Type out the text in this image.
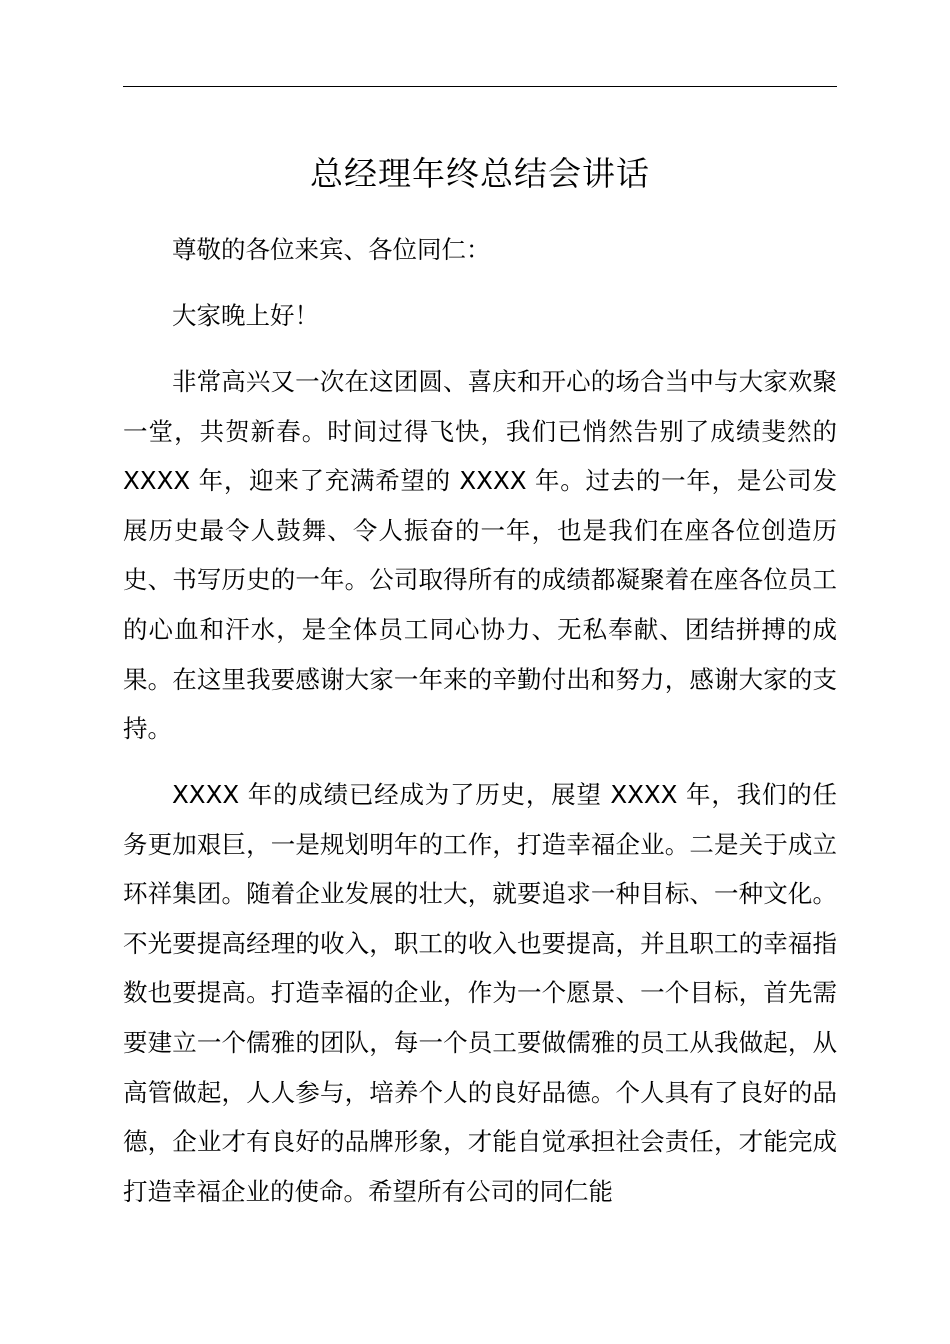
总经理年终总结会讲话

尊敬的各位来宾、各位同仁：

大家晚上好！

非常高兴又一次在这团圆、喜庆和开心的场合当中与大家欢聚一堂，共贺新春。时间过得飞快，我们已悄然告别了成绩斐然的 XXXX 年，迎来了充满希望的 XXXX 年。过去的一年，是公司发展历史最令人鼓舞、令人振奋的一年，也是我们在座各位创造历史、书写历史的一年。公司取得所有的成绩都凝聚着在座各位员工的心血和汗水，是全体员工同心协力、无私奉献、团结拼搏的成果。在这里我要感谢大家一年来的辛勤付出和努力，感谢大家的支持。

XXXX 年的成绩已经成为了历史，展望 XXXX 年，我们的任务更加艰巨，一是规划明年的工作，打造幸福企业。二是关于成立环祥集团。随着企业发展的壮大，就要追求一种目标、一种文化。不光要提高经理的收入，职工的收入也要提高，并且职工的幸福指数也要提高。打造幸福的企业，作为一个愿景、一个目标，首先需要建立一个儒雅的团队，每一个员工要做儒雅的员工从我做起，从高管做起，人人参与，培养个人的良好品德。个人具有了良好的品德，企业才有良好的品牌形象，才能自觉承担社会责任，才能完成打造幸福企业的使命。希望所有公司的同仁能
